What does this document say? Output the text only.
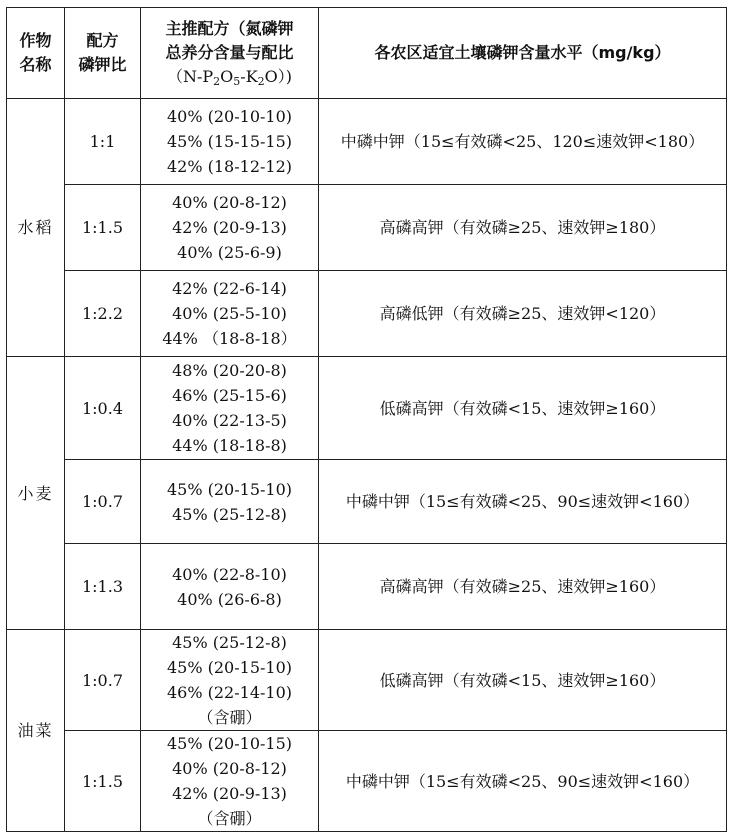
作物
名称	配方
磷钾比	主推配方（氮磷钾
总养分含量与配比
$(N-P_2O_5-K_2O)$)	各农区适宜土壤磷钾含量水平（mg/kg）
水稻	1:1	40% (20-10-10)
45% (15-15-15)
42% (18-12-12)	中磷中钾（15≤有效磷<25、120≤速效钾<180）
	1:1.5	40% (20-8-12)
42% (20-9-13)
40% (25-6-9)	高磷高钾（有效磷≥25、速效钾≥180）
	1:2.2	42% (22-6-14)
40% (25-5-10)
44% （18-8-18）	高磷低钾（有效磷≥25、速效钾<120）
小麦	1:0.4	48% (20-20-8)
46% (25-15-6)
40% (22-13-5)
44% (18-18-8)	低磷高钾（有效磷<15、速效钾≥160）
	1:0.7	45% (20-15-10)
45% (25-12-8)	中磷中钾（15≤有效磷<25、90≤速效钾<160）
	1:1.3	40% (22-8-10)
40% (26-6-8)	高磷高钾（有效磷≥25、速效钾≥160）
油菜	1:0.7	45% (25-12-8)
45% (20-15-10)
46% (22-14-10)
（含硼）	低磷高钾（有效磷<15、速效钾≥160）
	1:1.5	45% (20-10-15)
40% (20-8-12)
42% (20-9-13)
（含硼）	中磷中钾（15≤有效磷<25、90≤速效钾<160）
